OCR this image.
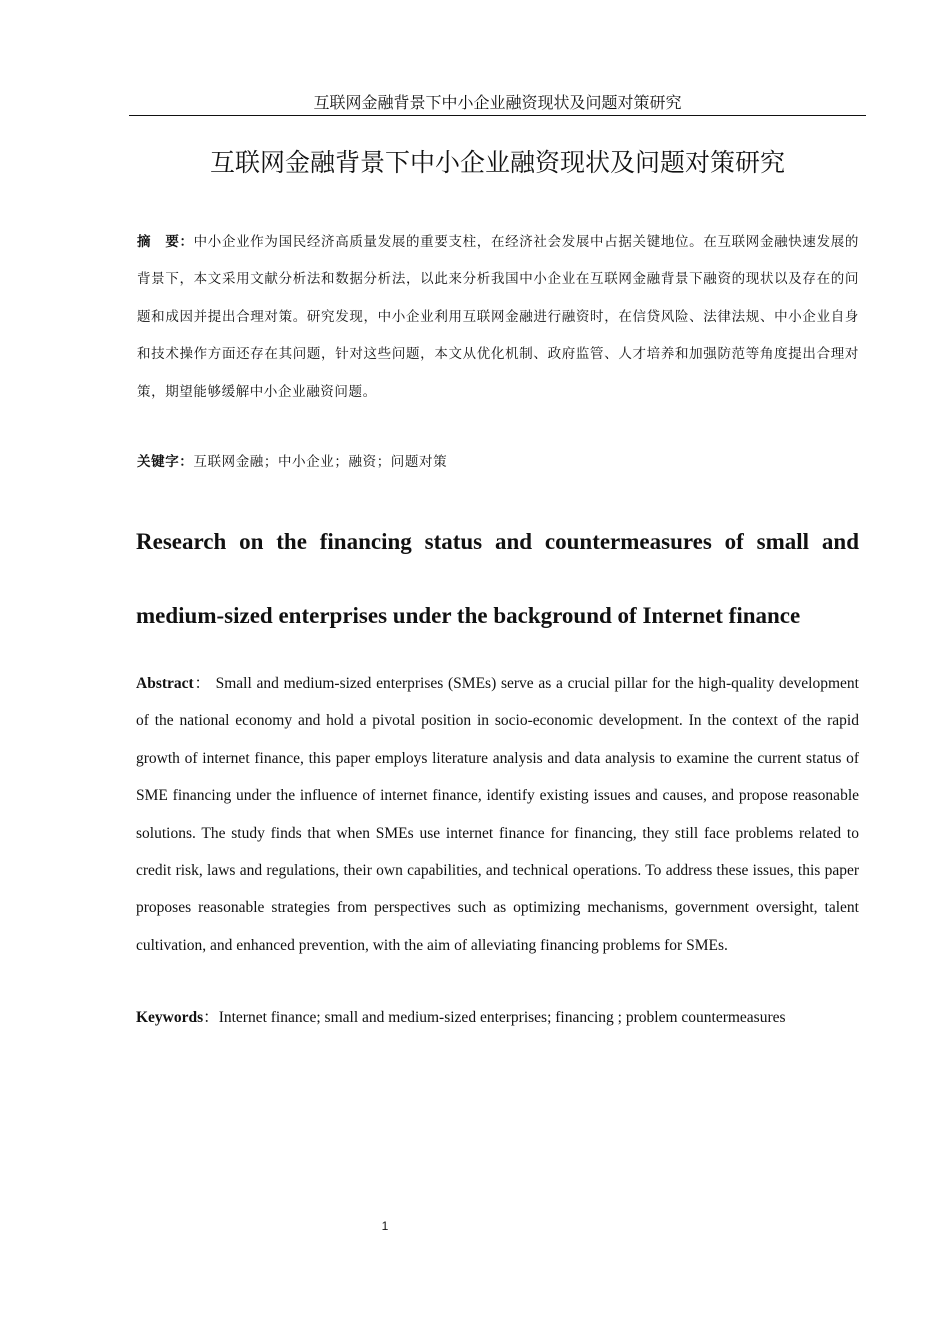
互联网金融背景下中小企业融资现状及问题对策研究
互联网金融背景下中小企业融资现状及问题对策研究
摘　要：中小企业作为国民经济高质量发展的重要支柱，在经济社会发展中占据关键地位。在互联网金融快速发展的背景下，本文采用文献分析法和数据分析法，以此来分析我国中小企业在互联网金融背景下融资的现状以及存在的问题和成因并提出合理对策。研究发现，中小企业利用互联网金融进行融资时，在信贷风险、法律法规、中小企业自身和技术操作方面还存在其问题，针对这些问题，本文从优化机制、政府监管、人才培养和加强防范等角度提出合理对策，期望能够缓解中小企业融资问题。
关键字：互联网金融；中小企业；融资；问题对策
Research on the financing status and countermeasures of small and medium-sized enterprises under the background of Internet finance
Abstract： Small and medium-sized enterprises (SMEs) serve as a crucial pillar for the high-quality development of the national economy and hold a pivotal position in socio-economic development. In the context of the rapid growth of internet finance, this paper employs literature analysis and data analysis to examine the current status of SME financing under the influence of internet finance, identify existing issues and causes, and propose reasonable solutions. The study finds that when SMEs use internet finance for financing, they still face problems related to credit risk, laws and regulations, their own capabilities, and technical operations. To address these issues, this paper proposes reasonable strategies from perspectives such as optimizing mechanisms, government oversight, talent cultivation, and enhanced prevention, with the aim of alleviating financing problems for SMEs.
Keywords：Internet finance; small and medium-sized enterprises; financing ; problem countermeasures
1
